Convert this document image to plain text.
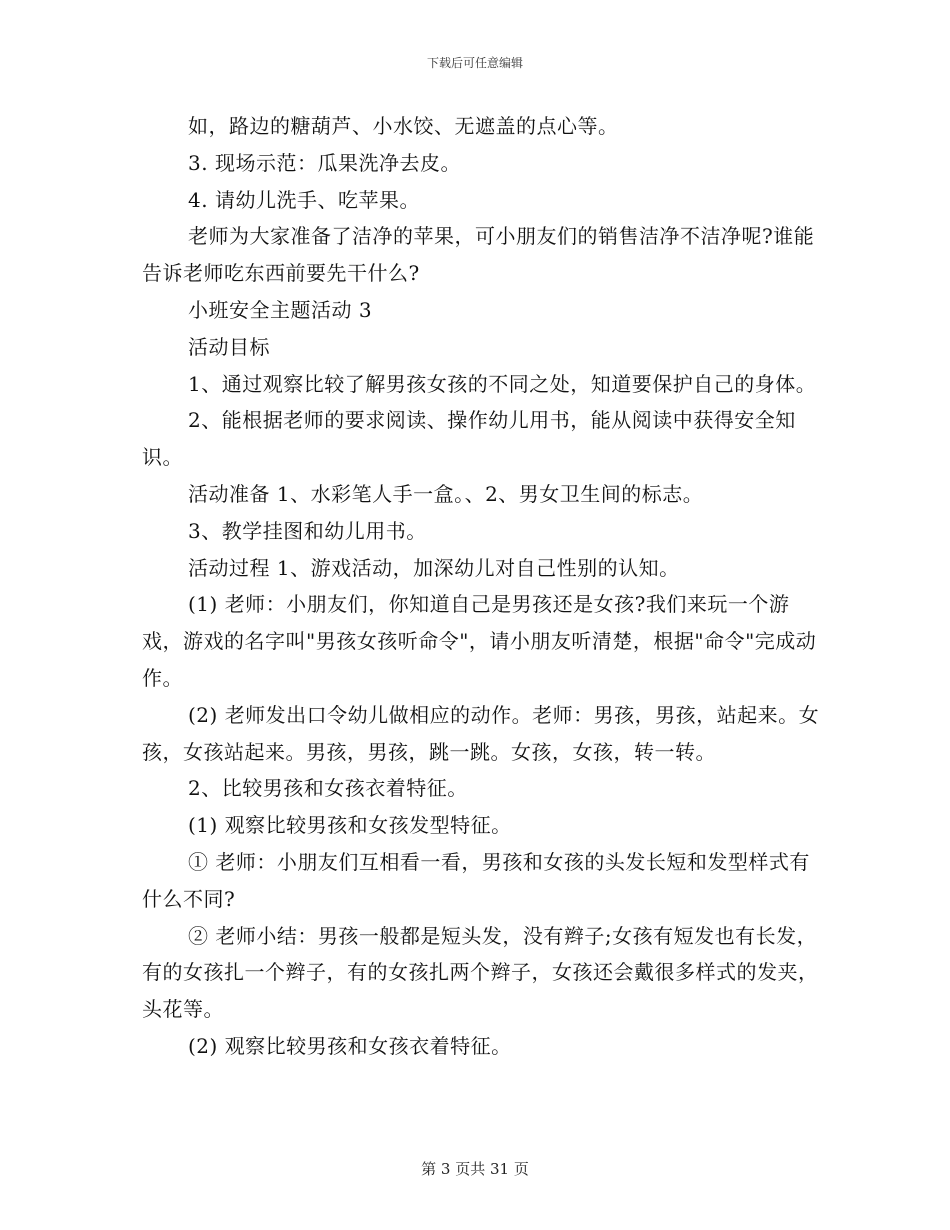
下载后可任意编辑

如，路边的糖葫芦、小水饺、无遮盖的点心等。

3. 现场示范：瓜果洗净去皮。

4. 请幼儿洗手、吃苹果。

老师为大家准备了洁净的苹果，可小朋友们的销售洁净不洁净呢?谁能告诉老师吃东西前要先干什么?

小班安全主题活动 3

活动目标

1、通过观察比较了解男孩女孩的不同之处，知道要保护自己的身体。

2、能根据老师的要求阅读、操作幼儿用书，能从阅读中获得安全知识。

活动准备 1、水彩笔人手一盒。、2、男女卫生间的标志。

3、教学挂图和幼儿用书。

活动过程 1、游戏活动，加深幼儿对自己性别的认知。

(1) 老师：小朋友们，你知道自己是男孩还是女孩?我们来玩一个游戏，游戏的名字叫"男孩女孩听命令"，请小朋友听清楚，根据"命令"完成动作。

(2) 老师发出口令幼儿做相应的动作。老师：男孩，男孩，站起来。女孩，女孩站起来。男孩，男孩，跳一跳。女孩，女孩，转一转。

2、比较男孩和女孩衣着特征。

(1) 观察比较男孩和女孩发型特征。

① 老师：小朋友们互相看一看，男孩和女孩的头发长短和发型样式有什么不同?

② 老师小结：男孩一般都是短头发，没有辫子;女孩有短发也有长发，有的女孩扎一个辫子，有的女孩扎两个辫子，女孩还会戴很多样式的发夹，头花等。

(2) 观察比较男孩和女孩衣着特征。

第 3 页共 31 页
